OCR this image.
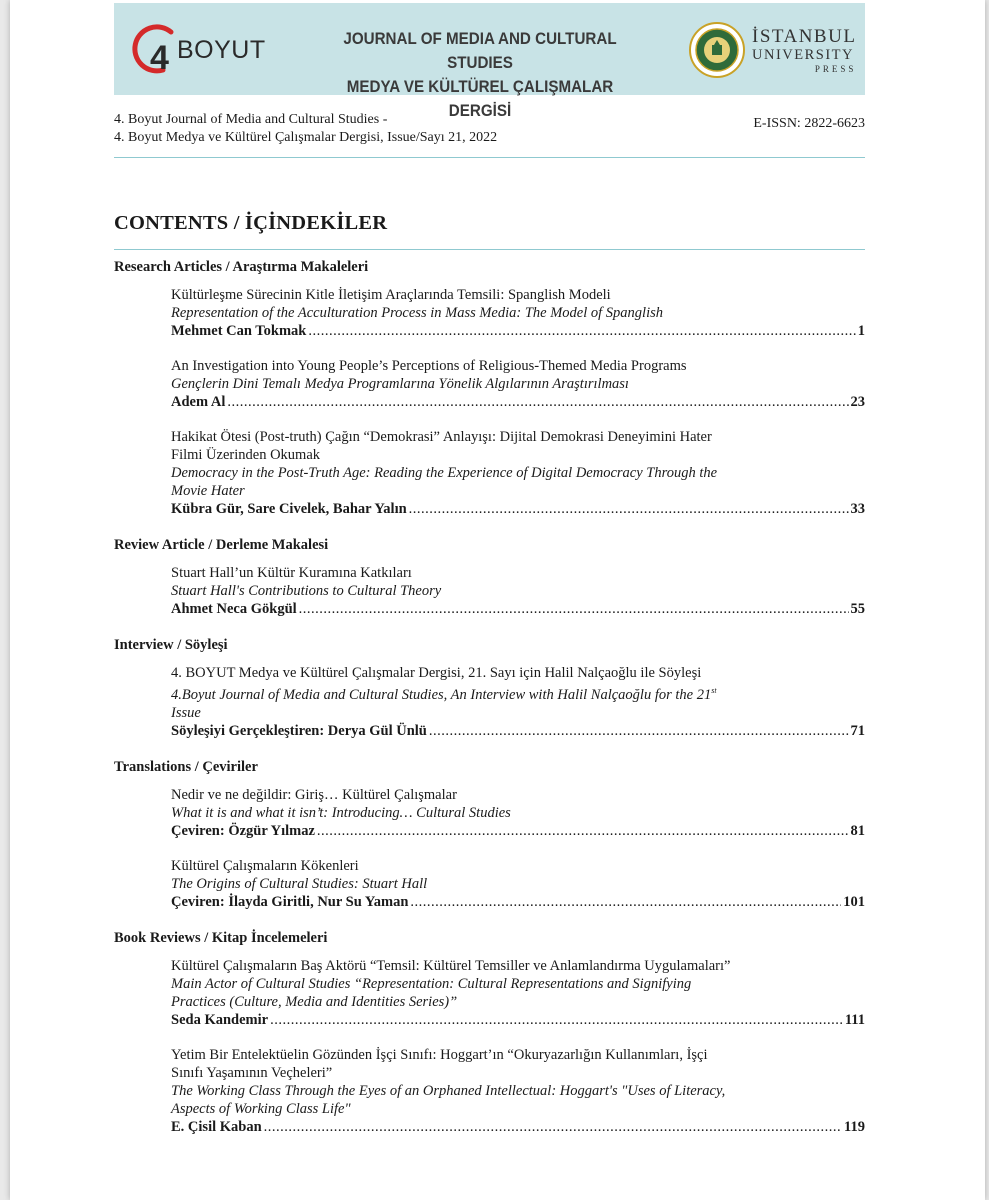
4 BOYUT	JOURNAL OF MEDIA AND CULTURAL STUDIES
MEDYA VE KÜLTÜREL ÇALIŞMALAR DERGİSİ
İSTANBUL
UNIVERSITY
PRESS
4. Boyut Journal of Media and Cultural Studies -
4. Boyut Medya ve Kültürel Çalışmalar Dergisi, Issue/Sayı 21, 2022
E-ISSN: 2822-6623
CONTENTS / İÇİNDEKİLER
Research Articles / Araştırma Makaleleri
Kültürleşme Sürecinin Kitle İletişim Araçlarında Temsili: Spanglish Modeli
Representation of the Acculturation Process in Mass Media: The Model of Spanglish
Mehmet Can Tokmak .....	1
An Investigation into Young People’s Perceptions of Religious-Themed Media Programs
Gençlerin Dini Temalı Medya Programlarına Yönelik Algılarının Araştırılması
Adem Al .....	23
Hakikat Ötesi (Post-truth) Çağın “Demokrasi” Anlayışı: Dijital Demokrasi Deneyimini Hater
Filmi Üzerinden Okumak
Democracy in the Post-Truth Age: Reading the Experience of Digital Democracy Through the
Movie Hater
Kübra Gür, Sare Civelek, Bahar Yalın .....	33
Review Article / Derleme Makalesi
Stuart Hall’un Kültür Kuramına Katkıları
Stuart Hall's Contributions to Cultural Theory
Ahmet Neca Gökgül .....	55
Interview / Söyleşi
4. BOYUT Medya ve Kültürel Çalışmalar Dergisi, 21. Sayı için Halil Nalçaoğlu ile Söyleşi
4.Boyut Journal of Media and Cultural Studies, An Interview with Halil Nalçaoğlu for the 21st
Issue
Söyleşiyi Gerçekleştiren: Derya Gül Ünlü .....	71
Translations / Çeviriler
Nedir ve ne değildir: Giriş… Kültürel Çalışmalar
What it is and what it isn’t: Introducing… Cultural Studies
Çeviren: Özgür Yılmaz .....	81
Kültürel Çalışmaların Kökenleri
The Origins of Cultural Studies: Stuart Hall
Çeviren: İlayda Giritli, Nur Su Yaman .....	101
Book Reviews / Kitap İncelemeleri
Kültürel Çalışmaların Baş Aktörü “Temsil: Kültürel Temsiller ve Anlamlandırma Uygulamaları”
Main Actor of Cultural Studies “Representation: Cultural Representations and Signifying
Practices (Culture, Media and Identities Series)”
Seda Kandemir .....	111
Yetim Bir Entelektüelin Gözünden İşçi Sınıfı: Hoggart’ın “Okuryazarlığın Kullanımları, İşçi
Sınıfı Yaşamının Veçheleri”
The Working Class Through the Eyes of an Orphaned Intellectual: Hoggart's "Uses of Literacy,
Aspects of Working Class Life"
E. Çisil Kaban .....	119
